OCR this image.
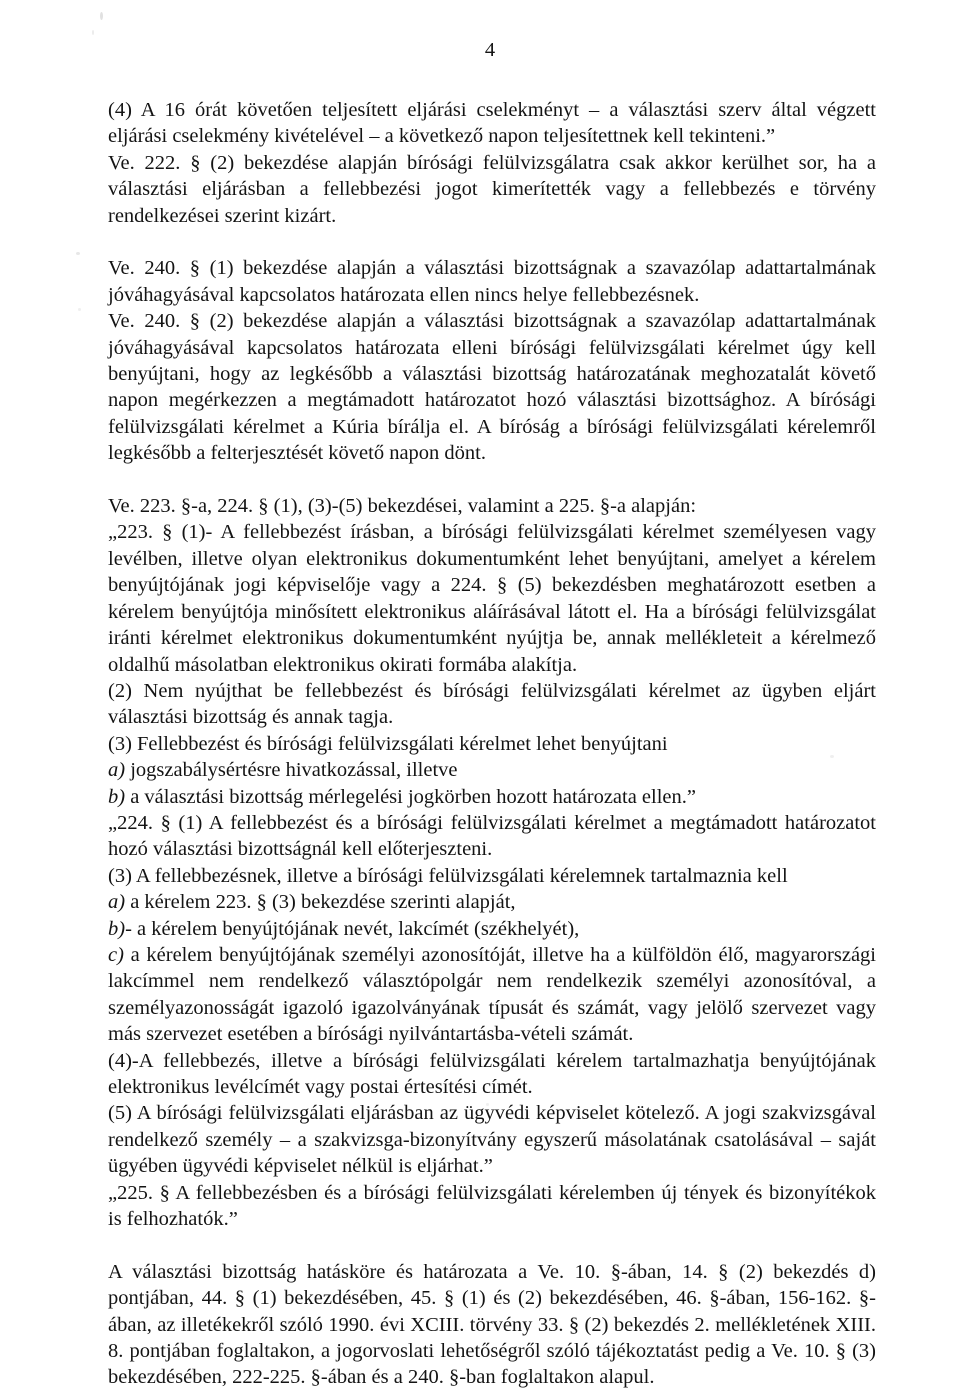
4

(4) A 16 órát követően teljesített eljárási cselekményt – a választási szerv által végzett eljárási cselekmény kivételével – a következő napon teljesítettnek kell tekinteni.”

Ve. 222. § (2) bekezdése alapján bírósági felülvizsgálatra csak akkor kerülhet sor, ha a választási eljárásban a fellebbezési jogot kimerítették vagy a fellebbezés e törvény rendelkezései szerint kizárt.

Ve. 240. § (1) bekezdése alapján a választási bizottságnak a szavazólap adattartalmának jóváhagyásával kapcsolatos határozata ellen nincs helye fellebbezésnek.

Ve. 240. § (2) bekezdése alapján a választási bizottságnak a szavazólap adattartalmának jóváhagyásával kapcsolatos határozata elleni bírósági felülvizsgálati kérelmet úgy kell benyújtani, hogy az legkésőbb a választási bizottság határozatának meghozatalát követő napon megérkezzen a megtámadott határozatot hozó választási bizottsághoz. A bírósági felülvizsgálati kérelmet a Kúria bírálja el. A bíróság a bírósági felülvizsgálati kérelemről legkésőbb a felterjesztését követő napon dönt.

Ve. 223. §-a, 224. § (1), (3)-(5) bekezdései, valamint a 225. §-a alapján:

„223. § (1)‑ A fellebbezést írásban, a bírósági felülvizsgálati kérelmet személyesen vagy levélben, illetve olyan elektronikus dokumentumként lehet benyújtani, amelyet a kérelem benyújtójának jogi képviselője vagy a 224. § (5) bekezdésben meghatározott esetben a kérelem benyújtója minősített elektronikus aláírásával látott el. Ha a bírósági felülvizsgálat iránti kérelmet elektronikus dokumentumként nyújtja be, annak mellékleteit a kérelmező oldalhű másolatban elektronikus okirati formába alakítja.

(2) Nem nyújthat be fellebbezést és bírósági felülvizsgálati kérelmet az ügyben eljárt választási bizottság és annak tagja.

(3) Fellebbezést és bírósági felülvizsgálati kérelmet lehet benyújtani

a) jogszabálysértésre hivatkozással, illetve

b) a választási bizottság mérlegelési jogkörben hozott határozata ellen.”

„224. § (1) A fellebbezést és a bírósági felülvizsgálati kérelmet a megtámadott határozatot hozó választási bizottságnál kell előterjeszteni.

(3) A fellebbezésnek, illetve a bírósági felülvizsgálati kérelemnek tartalmaznia kell

a) a kérelem 223. § (3) bekezdése szerinti alapját,

b)‑ a kérelem benyújtójának nevét, lakcímét (székhelyét),

c) a kérelem benyújtójának személyi azonosítóját, illetve ha a külföldön élő, magyarországi lakcímmel nem rendelkező választópolgár nem rendelkezik személyi azonosítóval, a személyazonosságát igazoló igazolványának típusát és számát, vagy jelölő szervezet vagy más szervezet esetében a bírósági nyilvántartásba-vételi számát.

(4)‑A fellebbezés, illetve a bírósági felülvizsgálati kérelem tartalmazhatja benyújtójának elektronikus levélcímét vagy postai értesítési címét.

(5) A bírósági felülvizsgálati eljárásban az ügyvédi képviselet kötelező. A jogi szakvizsgával rendelkező személy – a szakvizsga-bizonyítvány egyszerű másolatának csatolásával – saját ügyében ügyvédi képviselet nélkül is eljárhat.”

„225. § A fellebbezésben és a bírósági felülvizsgálati kérelemben új tények és bizonyítékok is felhozhatók.”

A választási bizottság hatásköre és határozata a Ve. 10. §-ában, 14. § (2) bekezdés d) pontjában, 44. § (1) bekezdésében, 45. § (1) és (2) bekezdésében, 46. §-ában, 156-162. §-ában, az illetékekről szóló 1990. évi XCIII. törvény 33. § (2) bekezdés 2. mellékletének XIII. 8. pontjában foglaltakon, a jogorvoslati lehetőségről szóló tájékoztatást pedig a Ve. 10. § (3) bekezdésében, 222-225. §-ában és a 240. §-ban foglaltakon alapul.
